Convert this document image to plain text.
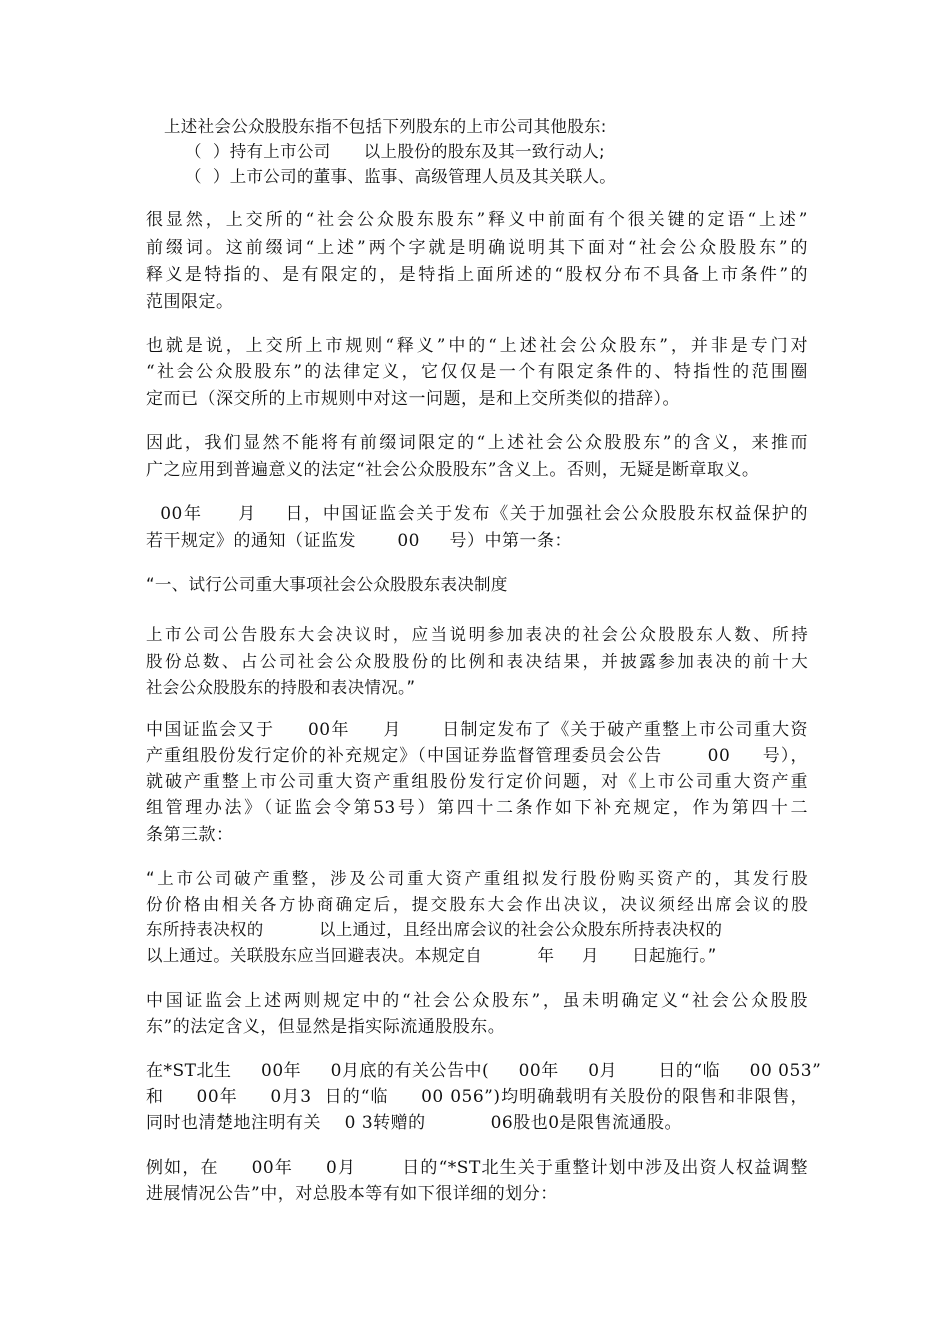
上述社会公众股股东指不包括下列股东的上市公司其他股东:
（  ）持有上市公司      以上股份的股东及其一致行动人;
（  ）上市公司的董事、监事、高级管理人员及其关联人。
很显然，上交所的“社会公众股东股东”释义中前面有个很关键的定语“上述”
前缀词。这前缀词“上述”两个字就是明确说明其下面对“社会公众股股东”的
释义是特指的、是有限定的，是特指上面所述的“股权分布不具备上市条件”的
范围限定。
也就是说，上交所上市规则“释义”中的“上述社会公众股东”，并非是专门对
“社会公众股股东”的法律定义，它仅仅是一个有限定条件的、特指性的范围圈
定而已（深交所的上市规则中对这一问题，是和上交所类似的措辞）。
因此，我们显然不能将有前缀词限定的“上述社会公众股股东”的含义，来推而
广之应用到普遍意义的法定“社会公众股股东”含义上。否则，无疑是断章取义。
00年     月    日，中国证监会关于发布《关于加强社会公众股股东权益保护的
若干规定》的通知（证监发       00     号）中第一条：
“一、试行公司重大事项社会公众股股东表决制度
上市公司公告股东大会决议时，应当说明参加表决的社会公众股股东人数、所持
股份总数、占公司社会公众股股份的比例和表决结果，并披露参加表决的前十大
社会公众股股东的持股和表决情况。”
中国证监会又于     00年     月      日制定发布了《关于破产重整上市公司重大资
产重组股份发行定价的补充规定》（中国证券监督管理委员会公告       00     号），
就破产重整上市公司重大资产重组股份发行定价问题，对《上市公司重大资产重
组管理办法》（证监会令第53号）第四十二条作如下补充规定，作为第四十二
条第三款：
“上市公司破产重整，涉及公司重大资产重组拟发行股份购买资产的，其发行股
份价格由相关各方协商确定后，提交股东大会作出决议，决议须经出席会议的股
东所持表决权的          以上通过，且经出席会议的社会公众股东所持表决权的
以上通过。关联股东应当回避表决。本规定自          年     月      日起施行。”
中国证监会上述两则规定中的“社会公众股东”，虽未明确定义“社会公众股股
东”的法定含义，但显然是指实际流通股股东。
在*ST北生     00年     0月底的有关公告中(     00年     0月       日的“临     00 053”
和     00年     0月3  日的“临     00 056”)均明确载明有关股份的限售和非限售，
同时也清楚地注明有关    0 3转赠的           06股也0是限售流通股。
例如，在     00年     0月       日的“*ST北生关于重整计划中涉及出资人权益调整
进展情况公告”中，对总股本等有如下很详细的划分：
